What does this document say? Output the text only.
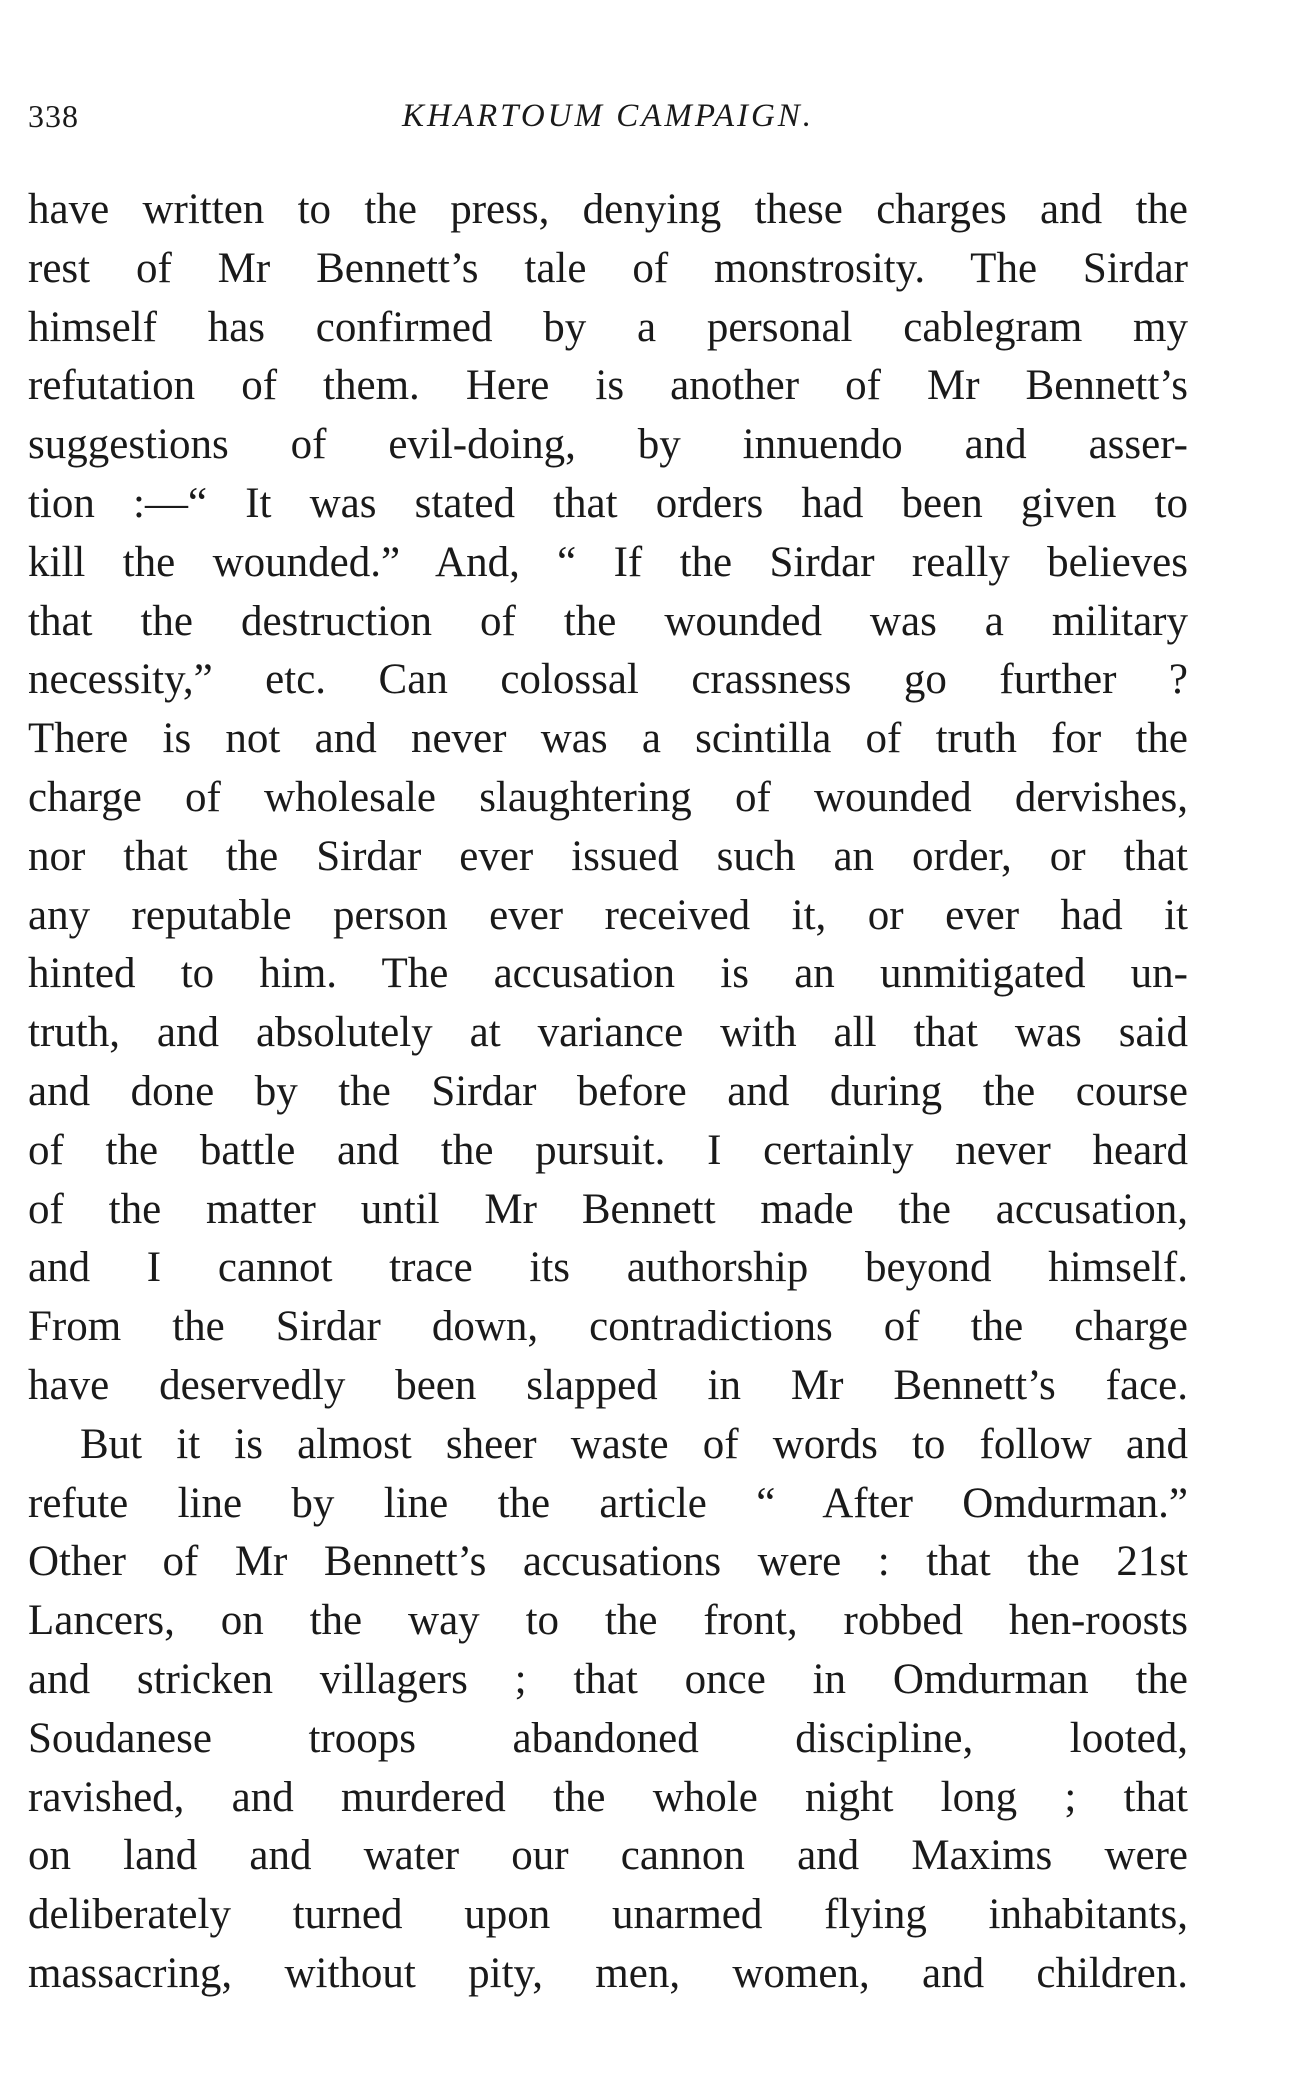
338	KHARTOUM CAMPAIGN.
have written to the press, denying these charges and the
rest of Mr Bennett’s tale of monstrosity. The Sirdar
himself has confirmed by a personal cablegram my
refutation of them. Here is another of Mr Bennett’s
suggestions of evil-doing, by innuendo and asser-
tion :—“ It was stated that orders had been given to
kill the wounded.” And, “ If the Sirdar really believes
that the destruction of the wounded was a military
necessity,” etc. Can colossal crassness go further ?
There is not and never was a scintilla of truth for the
charge of wholesale slaughtering of wounded dervishes,
nor that the Sirdar ever issued such an order, or that
any reputable person ever received it, or ever had it
hinted to him. The accusation is an unmitigated un-
truth, and absolutely at variance with all that was said
and done by the Sirdar before and during the course
of the battle and the pursuit. I certainly never heard
of the matter until Mr Bennett made the accusation,
and I cannot trace its authorship beyond himself.
From the Sirdar down, contradictions of the charge
have deservedly been slapped in Mr Bennett’s face.
But it is almost sheer waste of words to follow and
refute line by line the article “ After Omdurman.”
Other of Mr Bennett’s accusations were : that the 21st
Lancers, on the way to the front, robbed hen-roosts
and stricken villagers ; that once in Omdurman the
Soudanese troops abandoned discipline, looted,
ravished, and murdered the whole night long ; that
on land and water our cannon and Maxims were
deliberately turned upon unarmed flying inhabitants,
massacring, without pity, men, women, and children.
